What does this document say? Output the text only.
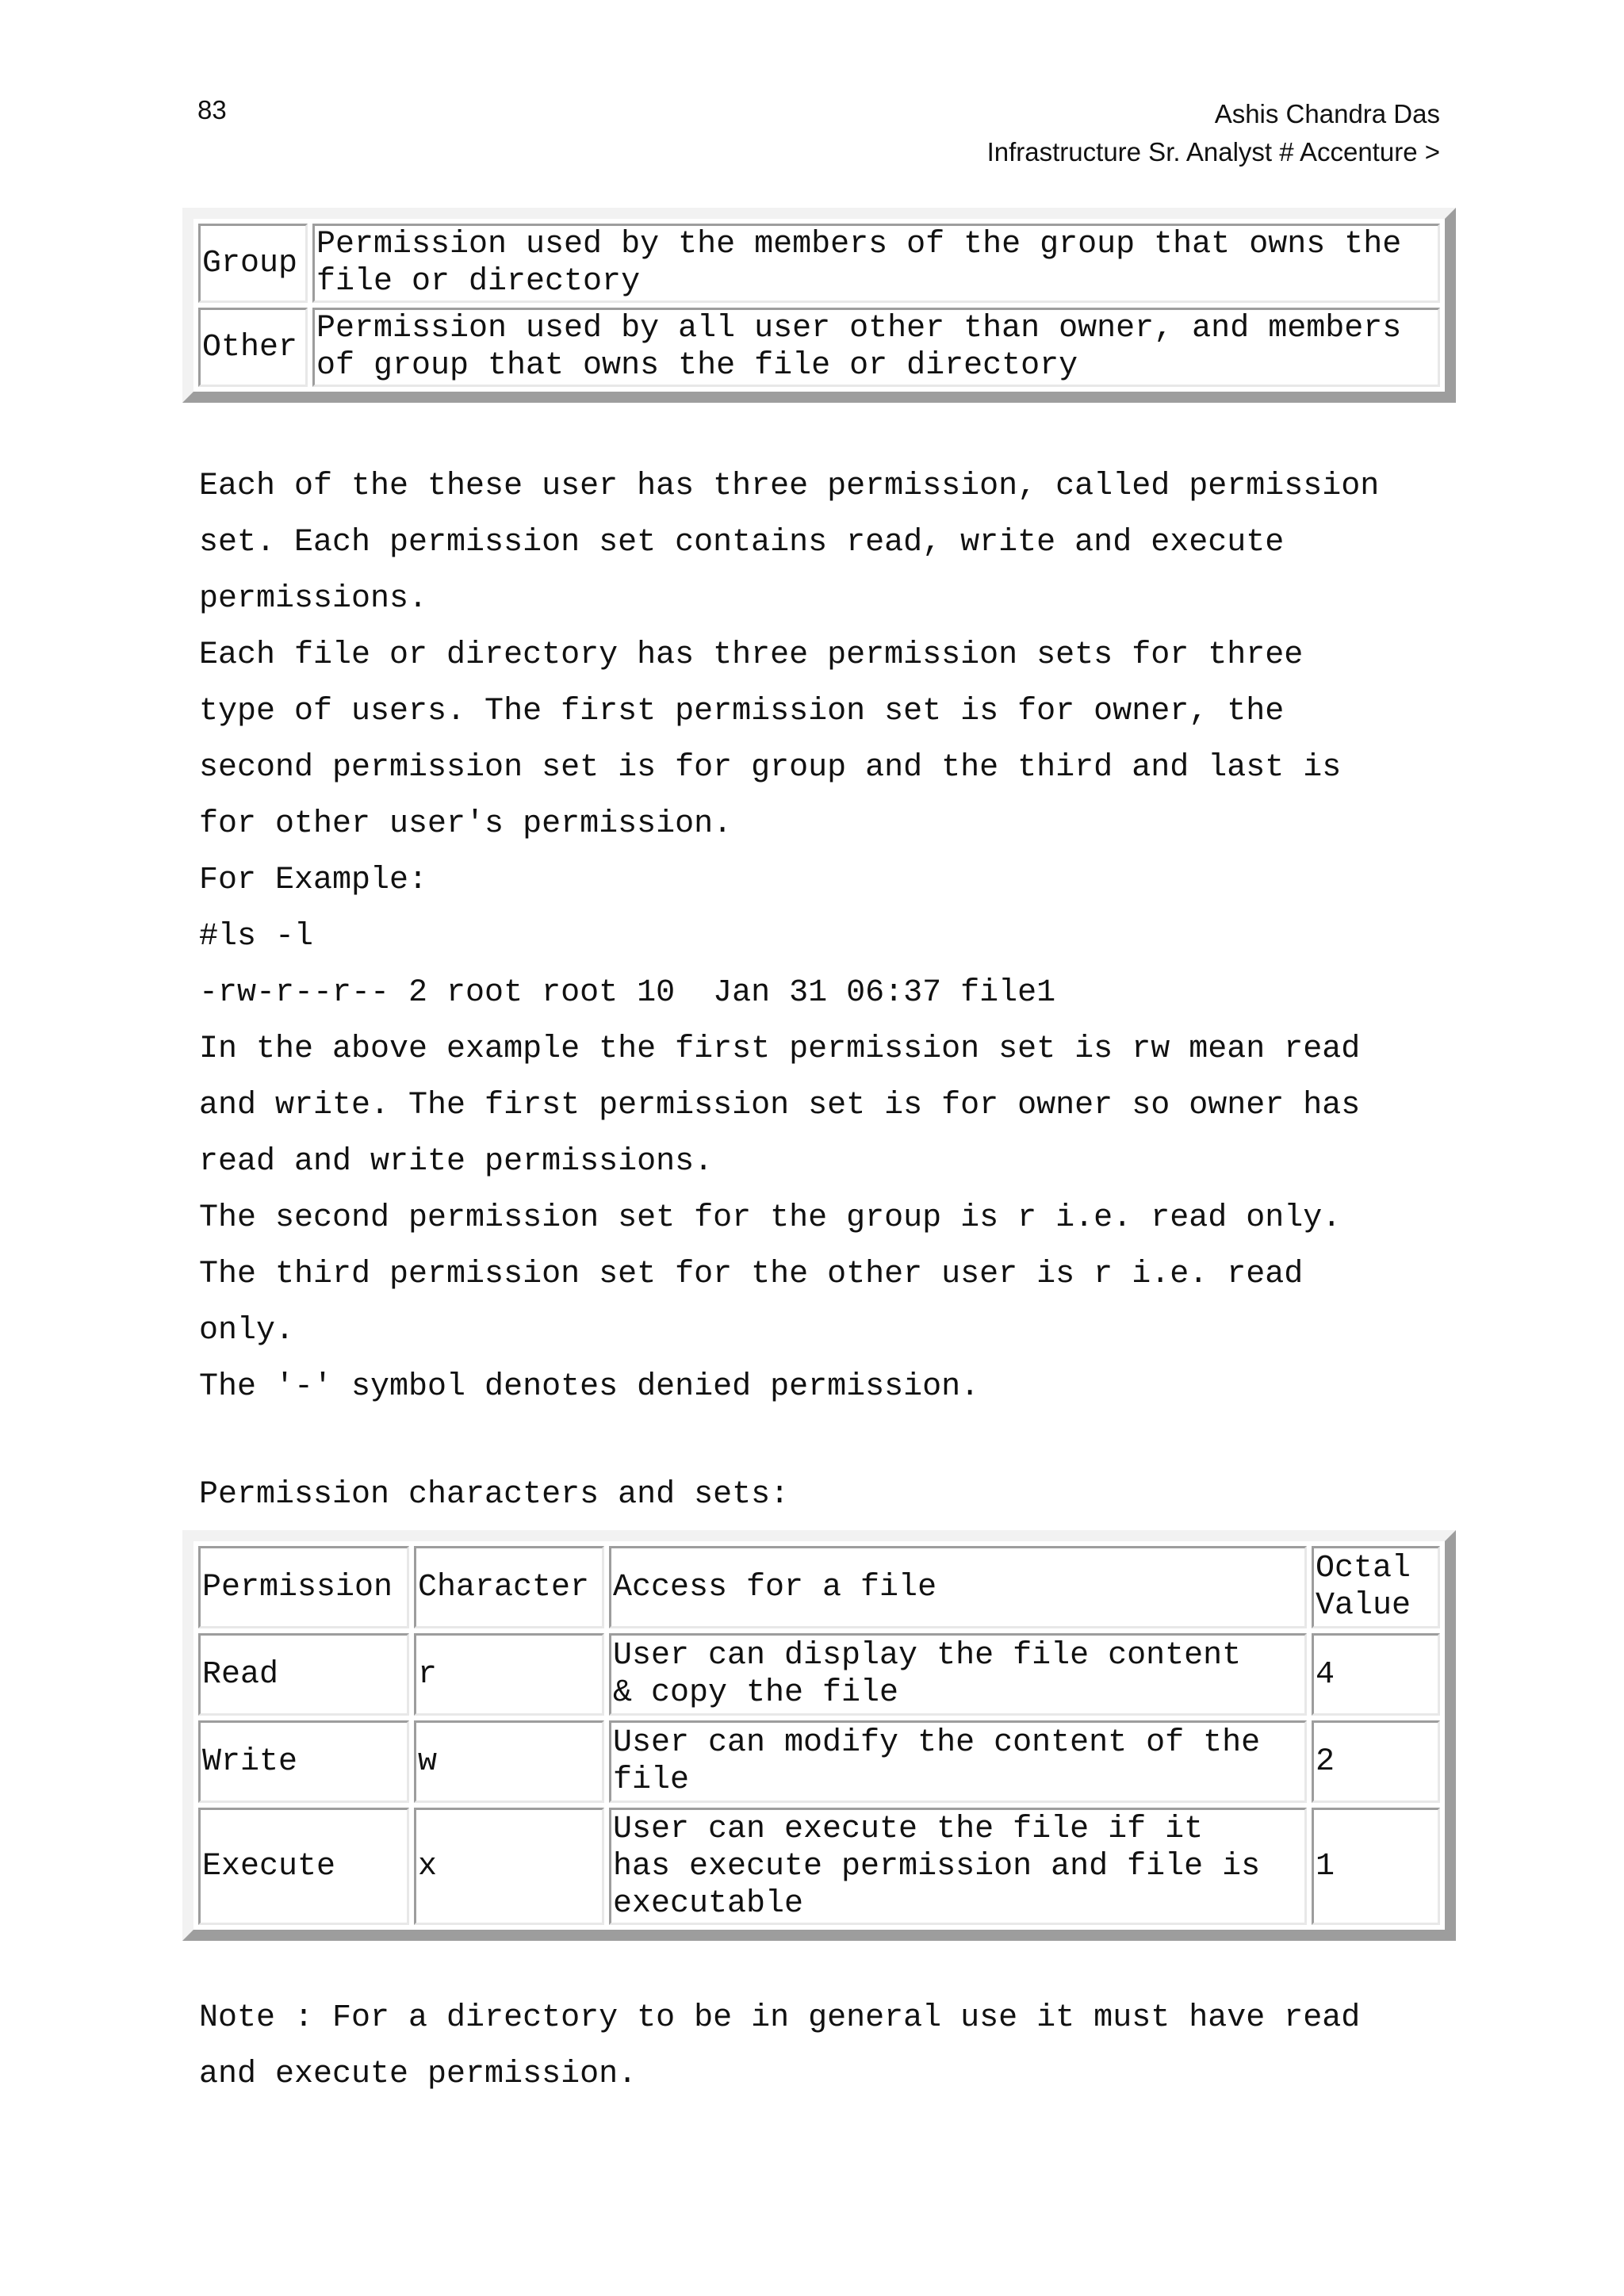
83	Ashis Chandra Das
Infrastructure Sr. Analyst # Accenture >
Group	Permission used by the members of the group that owns the
file or directory

Other	Permission used by all user other than owner, and members
of group that owns the file or directory

Each of the these user has three permission, called permission

set. Each permission set contains read, write and execute

permissions.

Each file or directory has three permission sets for three

type of users. The first permission set is for owner, the

second permission set is for group and the third and last is

for other user's permission.

For Example:

#ls -l

-rw-r--r-- 2 root root 10  Jan 31 06:37 file1

In the above example the first permission set is rw mean read

and write. The first permission set is for owner so owner has

read and write permissions.

The second permission set for the group is r i.e. read only.

The third permission set for the other user is r i.e. read

only.

The '-' symbol denotes denied permission.

Permission characters and sets:

Permission	Character	Access for a file	Octal
Value

Read	r	User can display the file content
& copy the file	4
Write	w	User can modify the content of the
file	2
Execute	x	User can execute the file if it
has execute permission and file is
executable	1

Note : For a directory to be in general use it must have read

and execute permission.
